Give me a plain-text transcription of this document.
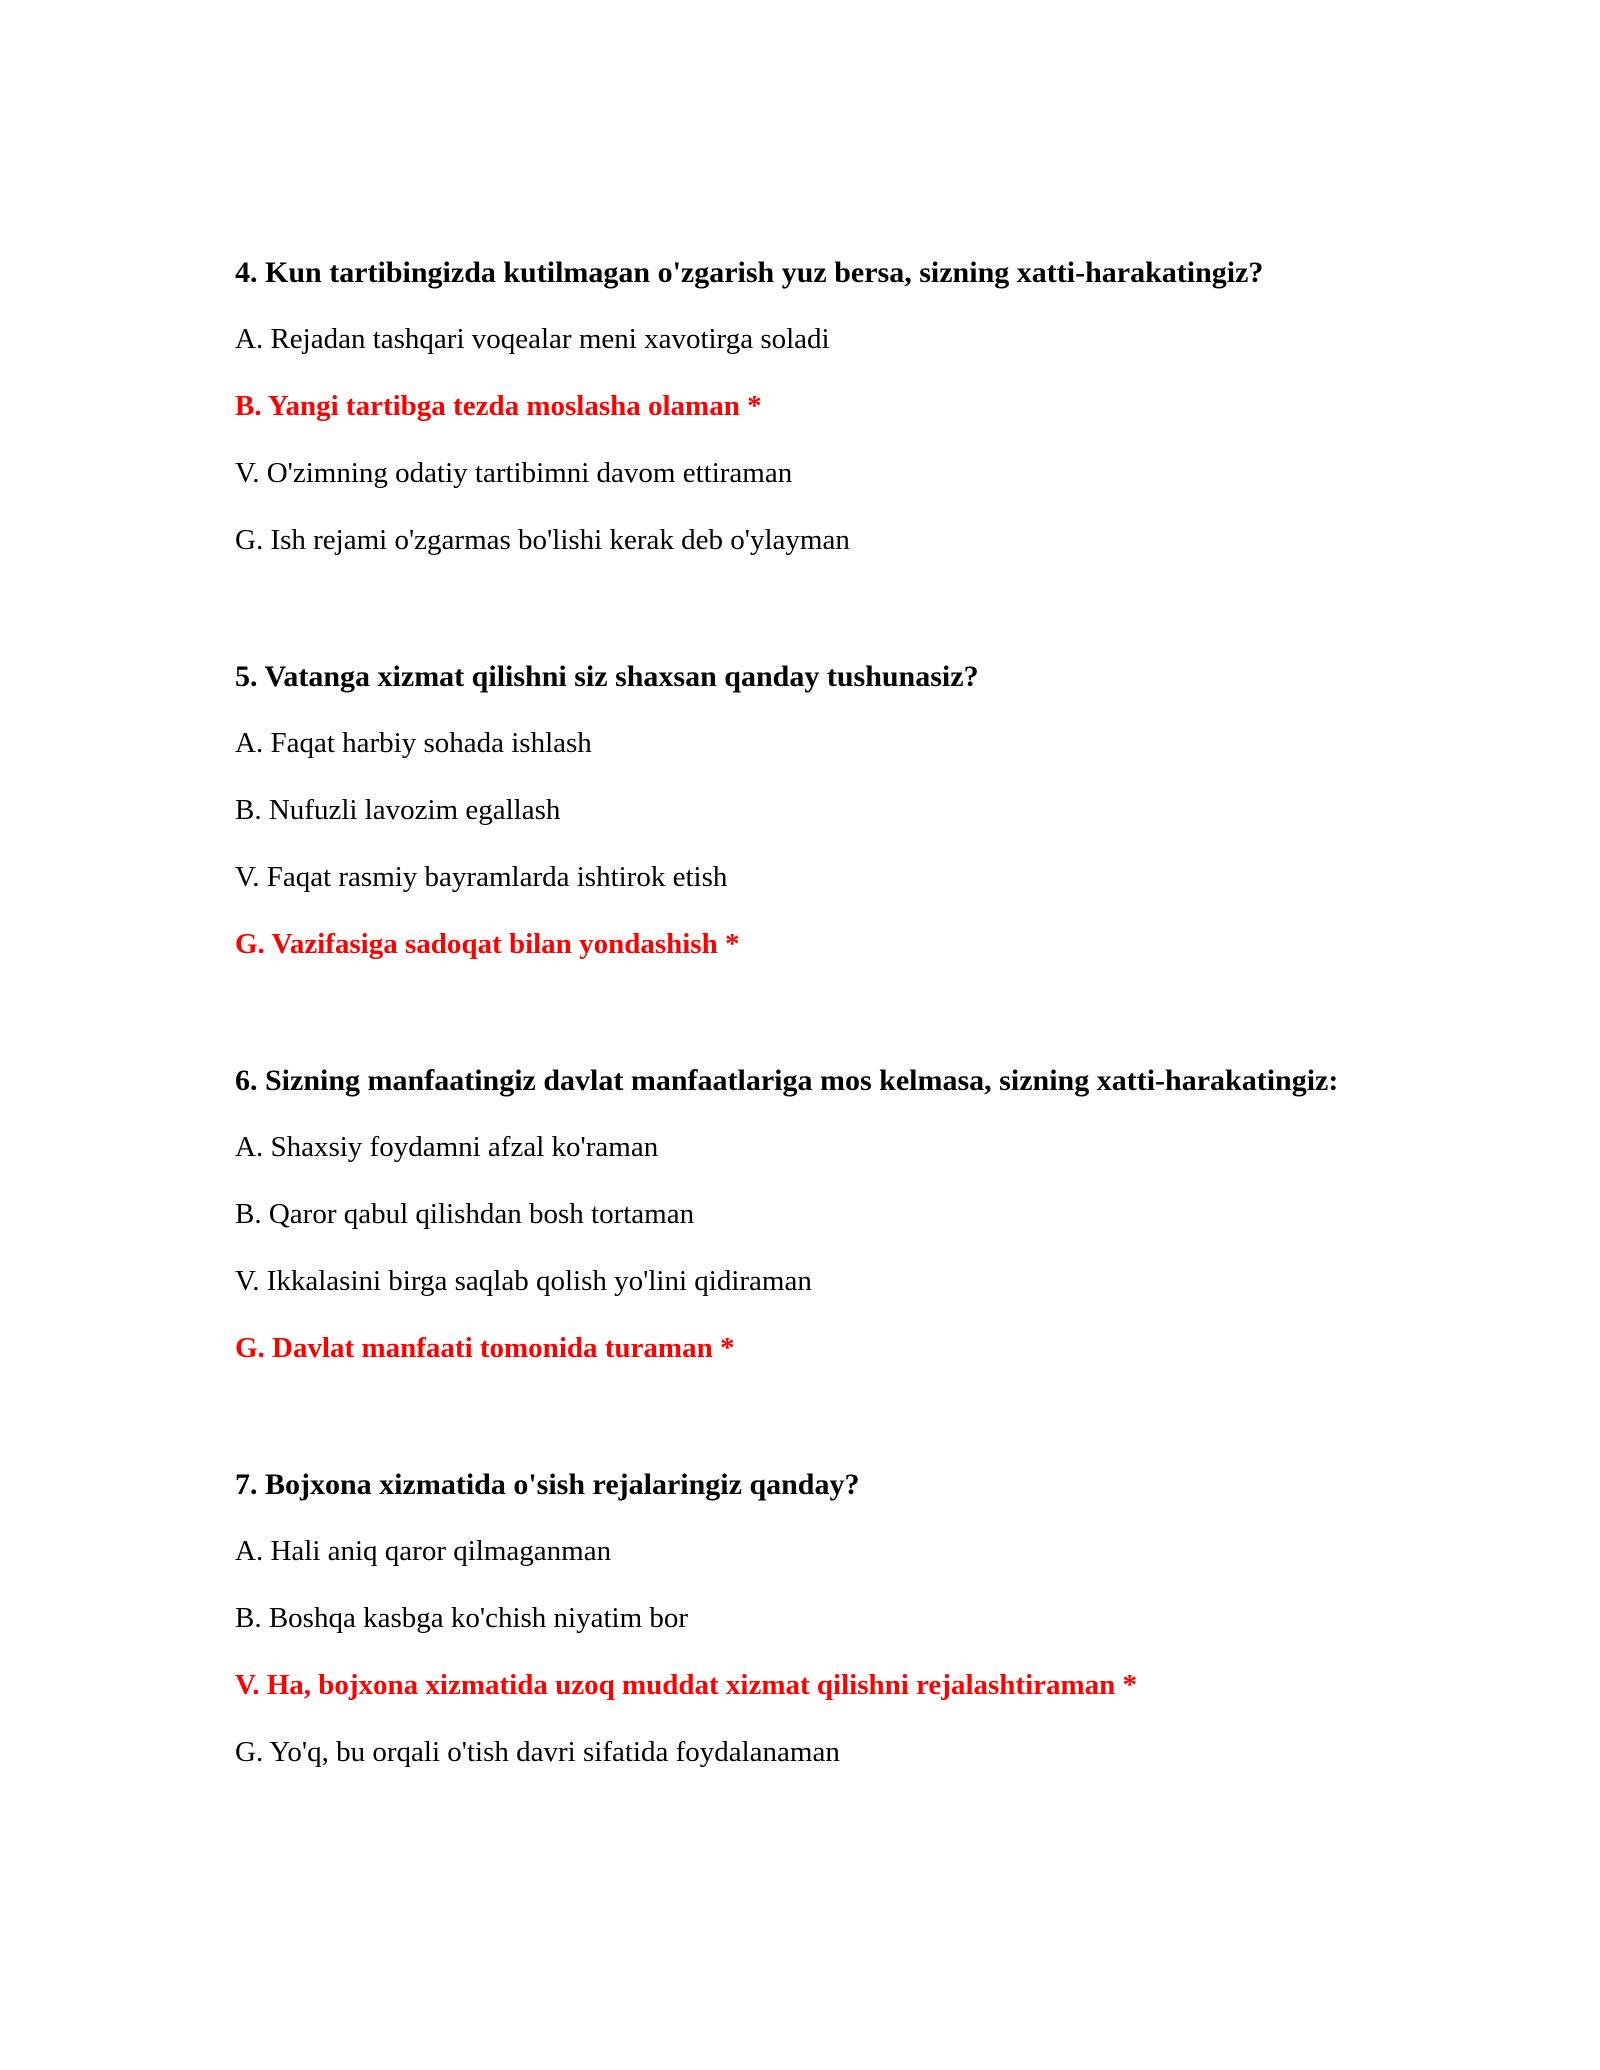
4. Kun tartibingizda kutilmagan o'zgarish yuz bersa, sizning xatti-harakatingiz?
A. Rejadan tashqari voqealar meni xavotirga soladi
B. Yangi tartibga tezda moslasha olaman *
V. O'zimning odatiy tartibimni davom ettiraman
G. Ish rejami o'zgarmas bo'lishi kerak deb o'ylayman
5. Vatanga xizmat qilishni siz shaxsan qanday tushunasiz?
A. Faqat harbiy sohada ishlash
B. Nufuzli lavozim egallash
V. Faqat rasmiy bayramlarda ishtirok etish
G. Vazifasiga sadoqat bilan yondashish *
6. Sizning manfaatingiz davlat manfaatlariga mos kelmasa, sizning xatti-harakatingiz:
A. Shaxsiy foydamni afzal ko'raman
B. Qaror qabul qilishdan bosh tortaman
V. Ikkalasini birga saqlab qolish yo'lini qidiraman
G. Davlat manfaati tomonida turaman *
7. Bojxona xizmatida o'sish rejalaringiz qanday?
A. Hali aniq qaror qilmaganman
B. Boshqa kasbga ko'chish niyatim bor
V. Ha, bojxona xizmatida uzoq muddat xizmat qilishni rejalashtiraman *
G. Yo'q, bu orqali o'tish davri sifatida foydalanaman
